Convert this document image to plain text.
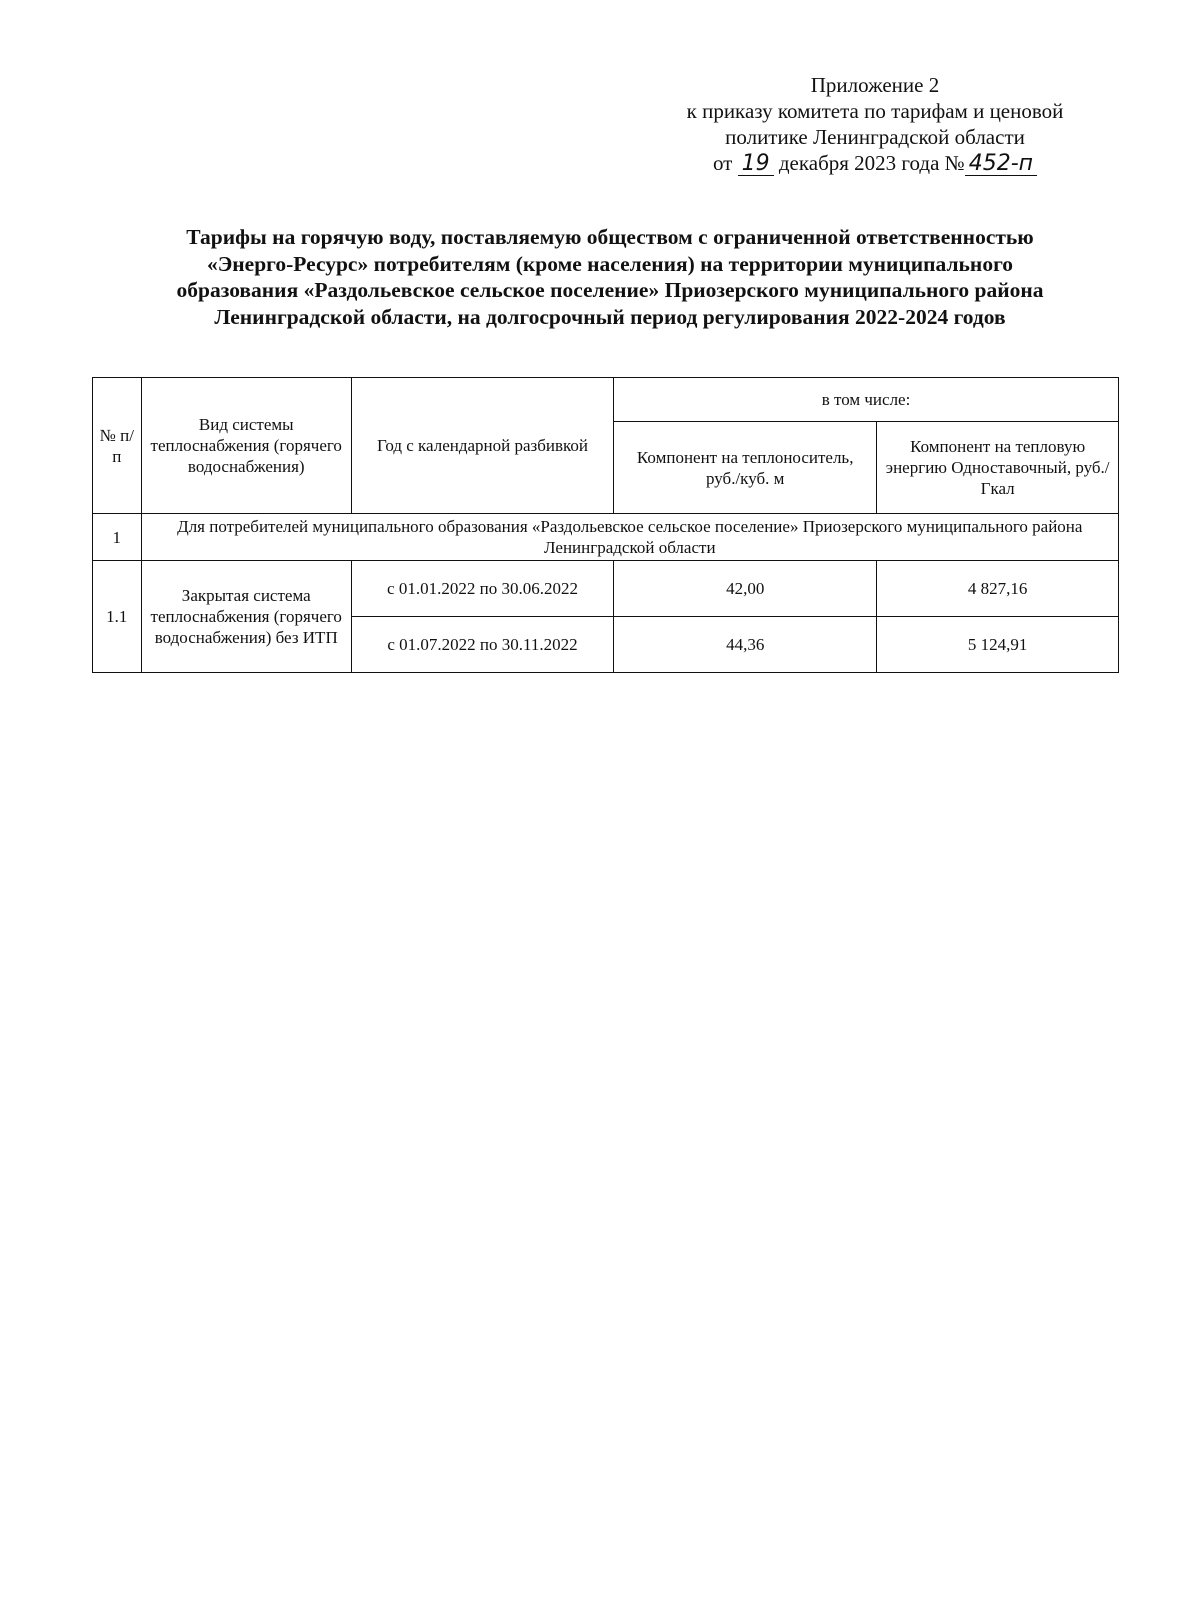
Приложение 2
к приказу комитета по тарифам и ценовой
политике Ленинградской области
от 19 декабря 2023 года № 452-п
Тарифы на горячую воду, поставляемую обществом с ограниченной ответственностью
«Энерго-Ресурс» потребителям (кроме населения) на территории муниципального
образования «Раздольевское сельское поселение» Приозерского муниципального района
Ленинградской области, на долгосрочный период регулирования 2022-2024 годов
№ п/п	Вид системы теплоснабжения (горячего водоснабжения)	Год с календарной разбивкой	в том числе:	
			Компонент на теплоноситель, руб./куб. м	Компонент на тепловую энергию Одноставочный, руб./Гкал
1	Для потребителей муниципального образования «Раздольевское сельское поселение» Приозерского муниципального района Ленинградской области			
1.1	Закрытая система теплоснабжения (горячего водоснабжения) без ИТП	с 01.01.2022 по 30.06.2022	42,00	4 827,16
		с 01.07.2022 по 30.11.2022	44,36	5 124,91
